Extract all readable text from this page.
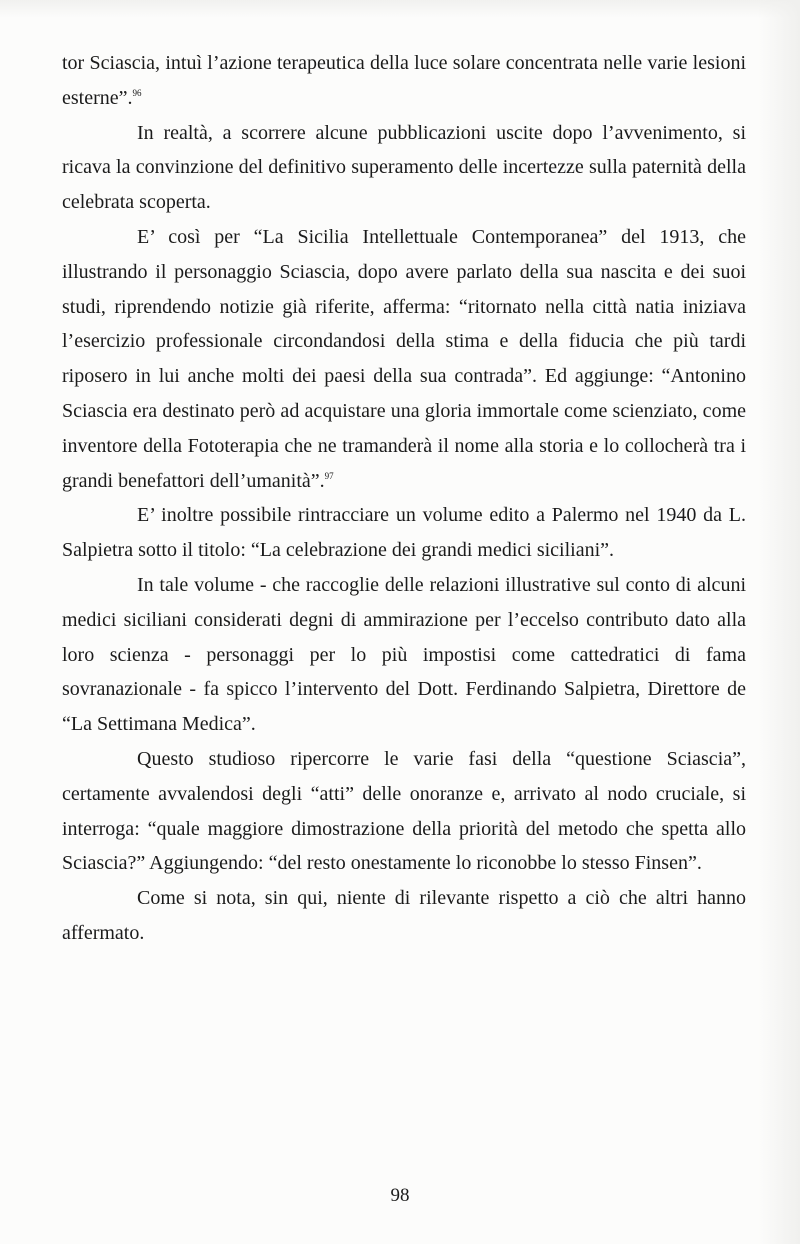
tor Sciascia, intuì l’azione terapeutica della luce solare concentrata nelle varie lesioni esterne”.$^{96}$

In realtà, a scorrere alcune pubblicazioni uscite dopo l’avvenimento, si ricava la convinzione del definitivo superamento delle incertezze sulla paternità della celebrata scoperta.

E’ così per “La Sicilia Intellettuale Contemporanea” del 1913, che illustrando il personaggio Sciascia, dopo avere parlato della sua nascita e dei suoi studi, riprendendo notizie già riferite, afferma: “ritornato nella città natia iniziava l’esercizio professionale circondandosi della stima e della fiducia che più tardi riposero in lui anche molti dei paesi della sua contrada”. Ed aggiunge: “Antonino Sciascia era destinato però ad acquistare una gloria immortale come scienziato, come inventore della Fototerapia che ne tramanderà il nome alla storia e lo collocherà tra i grandi benefattori dell’umanità”.$^{97}$

E’ inoltre possibile rintracciare un volume edito a Palermo nel 1940 da L. Salpietra sotto il titolo: “La celebrazione dei grandi medici siciliani”.

In tale volume - che raccoglie delle relazioni illustrative sul conto di alcuni medici siciliani considerati degni di ammirazione per l’eccelso contributo dato alla loro scienza - personaggi per lo più impostisi come cattedratici di fama sovranazionale - fa spicco l’intervento del Dott. Ferdinando Salpietra, Direttore de “La Settimana Medica”.

Questo studioso ripercorre le varie fasi della “questione Sciascia”, certamente avvalendosi degli “atti” delle onoranze e, arrivato al nodo cruciale, si interroga: “quale maggiore dimostrazione della priorità del metodo che spetta allo Sciascia?” Aggiungendo: “del resto onestamente lo riconobbe lo stesso Finsen”.

Come si nota, sin qui, niente di rilevante rispetto a ciò che altri hanno affermato.

98
